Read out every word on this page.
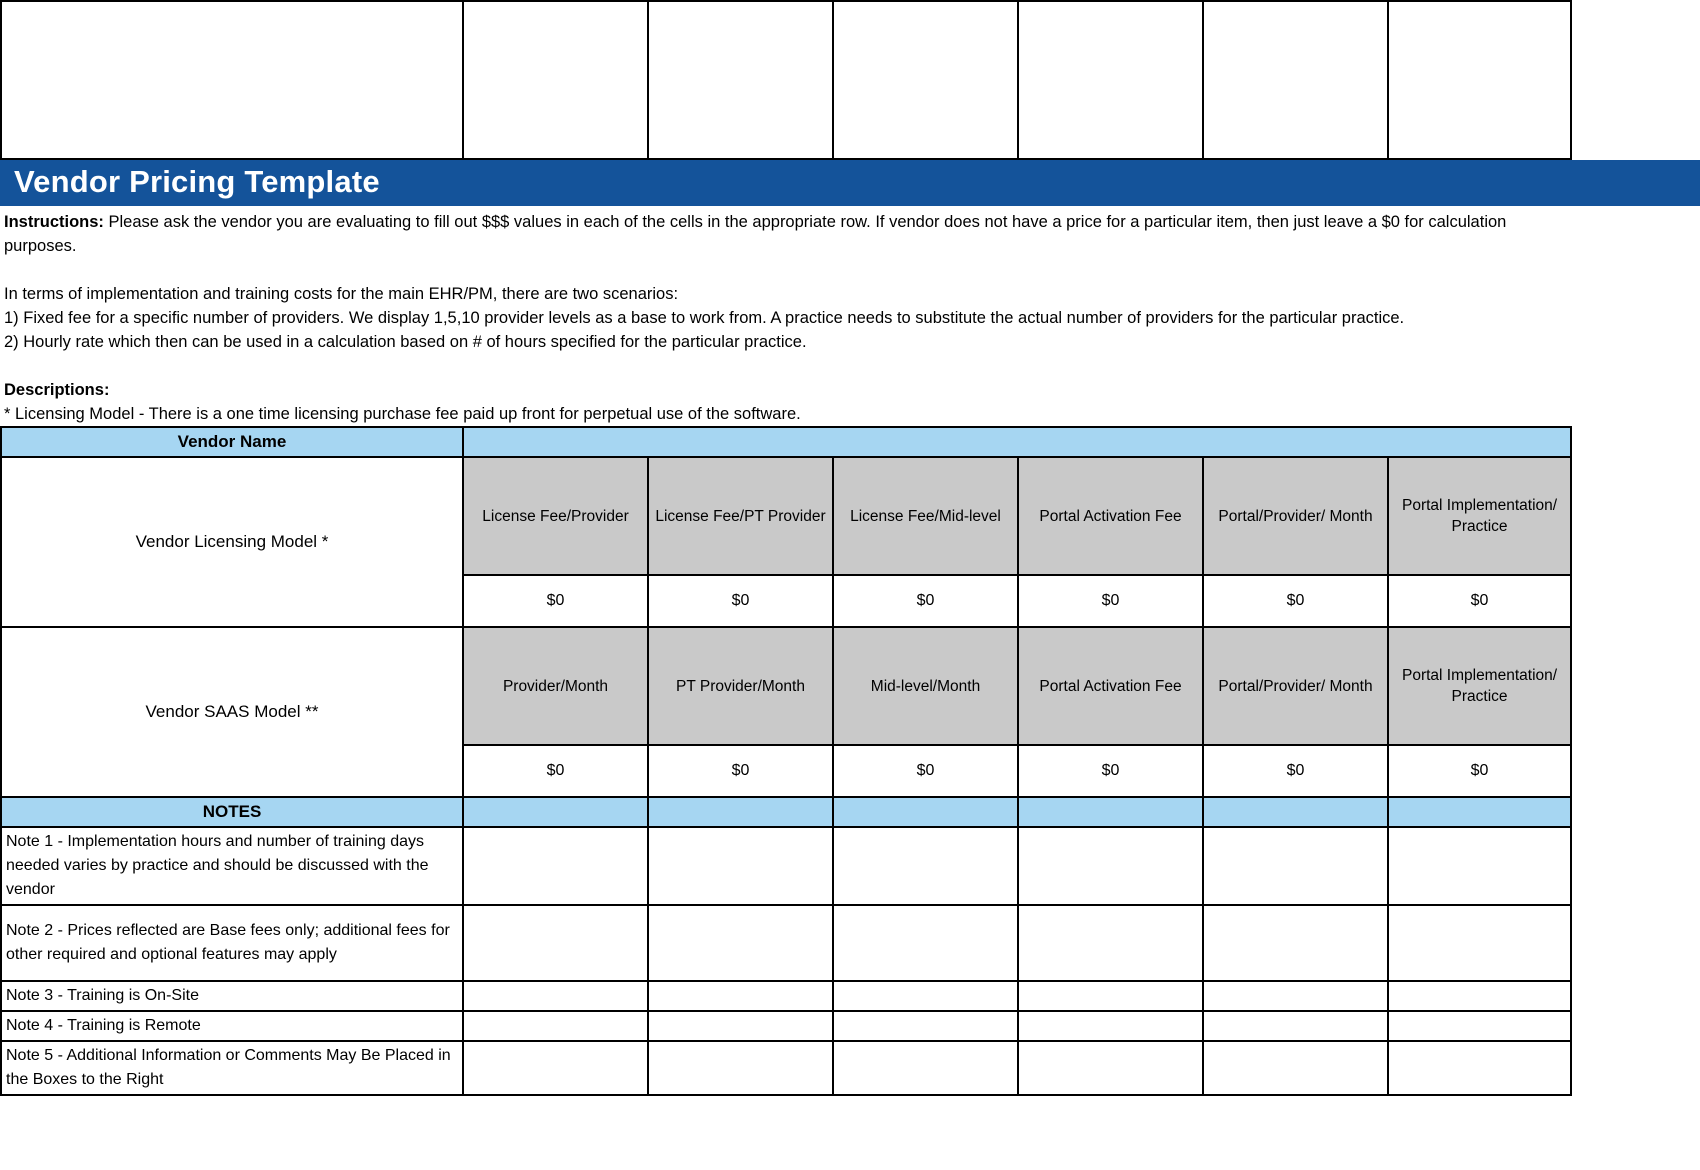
Vendor Pricing Template

Instructions: Please ask the vendor you are evaluating to fill out $$$ values in each of the cells in the appropriate row. If vendor does not have a price for a particular item, then just leave a $0 for calculation purposes.

In terms of implementation and training costs for the main EHR/PM, there are two scenarios:

1) Fixed fee for a specific number of providers. We display 1,5,10 provider levels as a base to work from. A practice needs to substitute the actual number of providers for the particular practice.

2) Hourly rate which then can be used in a calculation based on # of hours specified for the particular practice.

Descriptions:

* Licensing Model - There is a one time licensing purchase fee paid up front for perpetual use of the software.

Vendor Name						
Vendor Licensing Model *	License Fee/Provider	License Fee/PT Provider	License Fee/Mid-level	Portal Activation Fee	Portal/Provider/ Month	Portal Implementation/ Practice
	$0	$0	$0	$0	$0	$0
Vendor SAAS Model **	Provider/Month	PT Provider/Month	Mid-level/Month	Portal Activation Fee	Portal/Provider/ Month	Portal Implementation/ Practice
	$0	$0	$0	$0	$0	$0
NOTES						
Note 1 - Implementation hours and number of training days needed varies by practice and should be discussed with the vendor						
Note 2 - Prices reflected are Base fees only; additional fees for other required and optional features may apply						
Note 3 - Training is On-Site						
Note 4 - Training is Remote						
Note 5 - Additional Information or Comments May Be Placed in the Boxes to the Right						
